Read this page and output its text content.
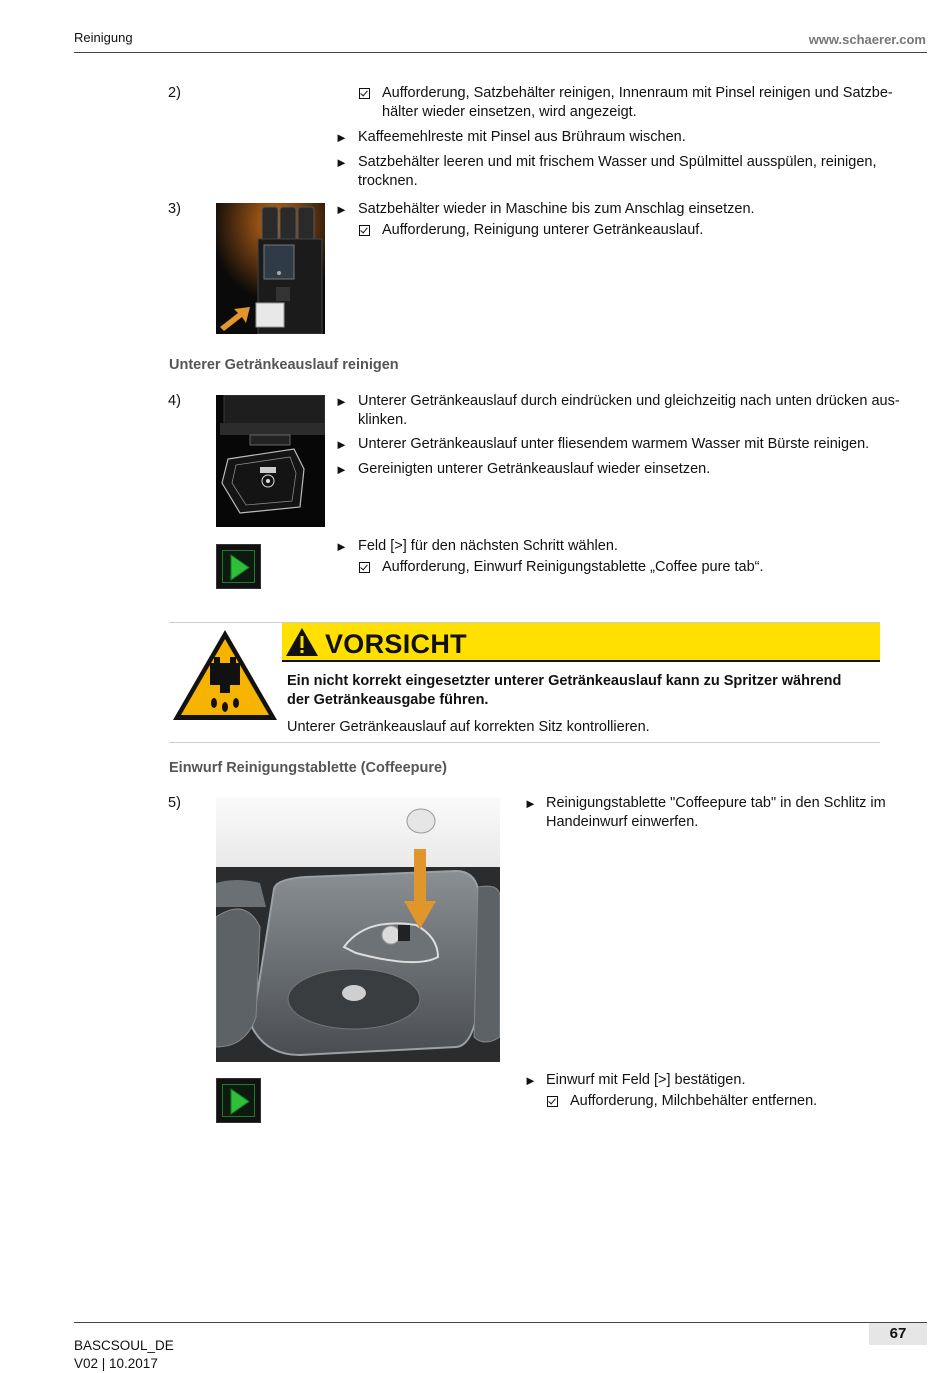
Reinigung	www.schaerer.com
2)	Aufforderung, Satzbehälter reinigen, Innenraum mit Pinsel reinigen und Satzbe-
hälter wieder einsetzen, wird angezeigt.
► Kaffeemehlreste mit Pinsel aus Brühraum wischen.
► Satzbehälter leeren und mit frischem Wasser und Spülmittel ausspülen, reinigen,
trocknen.
3)	► Satzbehälter wieder in Maschine bis zum Anschlag einsetzen.
Aufforderung, Reinigung unterer Getränkeauslauf.
Unterer Getränkeauslauf reinigen
4)	► Unterer Getränkeauslauf durch eindrücken und gleichzeitig nach unten drücken aus-
klinken.
► Unterer Getränkeauslauf unter fliesendem warmem Wasser mit Bürste reinigen.
► Gereinigten unterer Getränkeauslauf wieder einsetzen.
► Feld [>] für den nächsten Schritt wählen.
Aufforderung, Einwurf Reinigungstablette „Coffee pure tab“.
VORSICHT
Ein nicht korrekt eingesetzter unterer Getränkeauslauf kann zu Spritzer während
der Getränkeausgabe führen.
Unterer Getränkeauslauf auf korrekten Sitz kontrollieren.
Einwurf Reinigungstablette (Coffeepure)
5)	► Reinigungstablette "Coffeepure tab" in den Schlitz im
Handeinwurf einwerfen.
► Einwurf mit Feld [>] bestätigen.
Aufforderung, Milchbehälter entfernen.
67
BASCSOUL_DE
V02 | 10.2017
